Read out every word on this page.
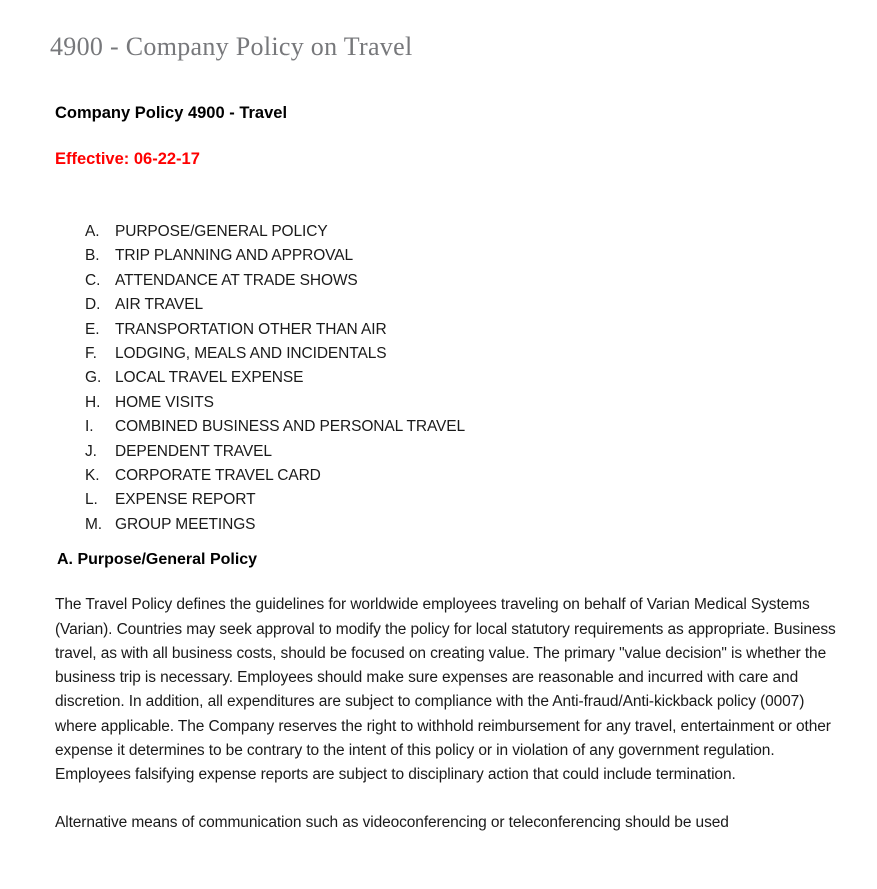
4900 - Company Policy on Travel
Company Policy 4900 - Travel

Effective: 06-22-17

A.	PURPOSE/GENERAL POLICY
B.	TRIP PLANNING AND APPROVAL
C. ATTENDANCE AT TRADE SHOWS
D. AIR TRAVEL
E.	TRANSPORTATION OTHER THAN AIR
F.	LODGING, MEALS AND INCIDENTALS
G. LOCAL TRAVEL EXPENSE
H. HOME VISITS
I.	COMBINED BUSINESS AND PERSONAL TRAVEL
J.	DEPENDENT TRAVEL
K.	CORPORATE TRAVEL CARD
L.	EXPENSE REPORT
M. GROUP MEETINGS
A. Purpose/General Policy

The Travel Policy defines the guidelines for worldwide employees traveling on behalf of Varian Medical Systems (Varian). Countries may seek approval to modify the policy for local statutory requirements as appropriate. Business travel, as with all business costs, should be focused on creating value. The primary "value decision" is whether the business trip is necessary. Employees should make sure expenses are reasonable and incurred with care and discretion. In addition, all expenditures are subject to compliance with the Anti-fraud/Anti-kickback policy (0007) where applicable. The Company reserves the right to withhold reimbursement for any travel, entertainment or other expense it determines to be contrary to the intent of this policy or in violation of any government regulation. Employees falsifying expense reports are subject to disciplinary action that could include termination.

Alternative means of communication such as videoconferencing or teleconferencing should be used
